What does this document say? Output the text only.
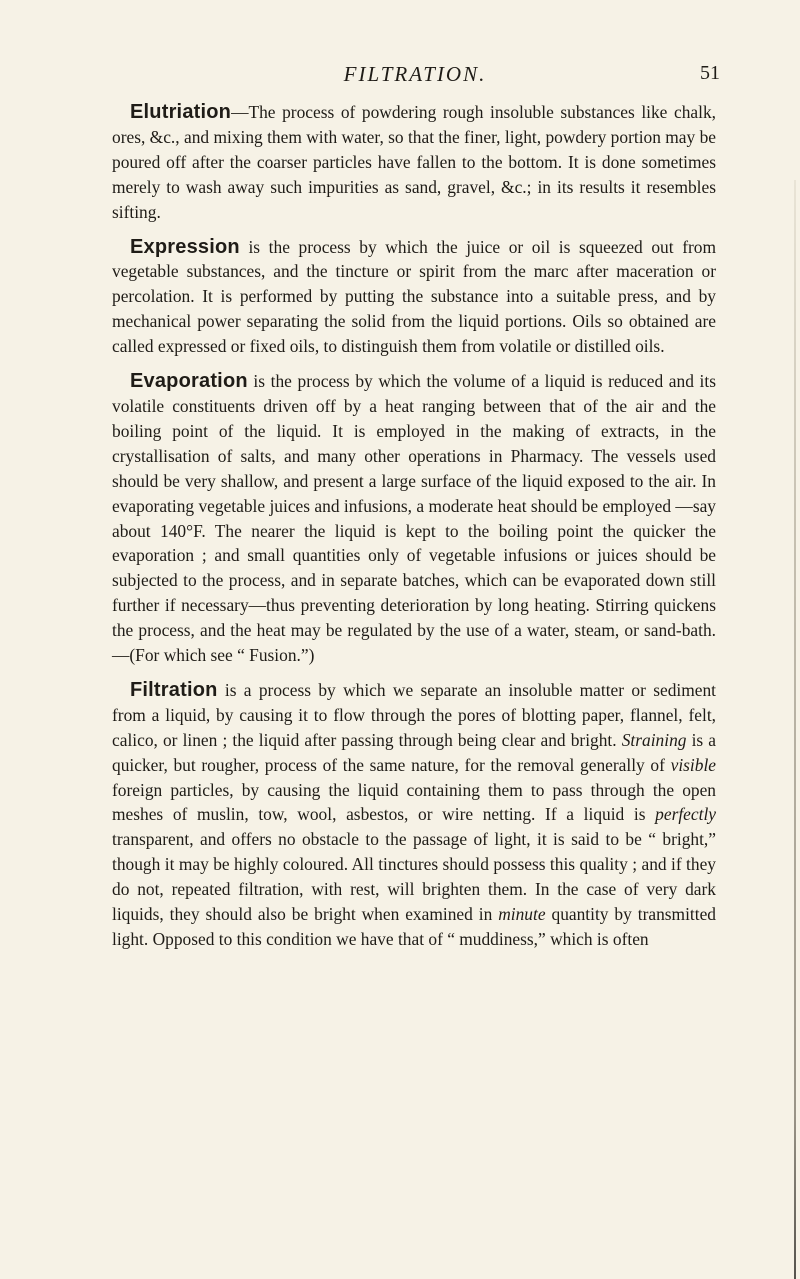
FILTRATION.	51

Elutriation—The process of powdering rough insoluble substances like chalk, ores, &c., and mixing them with water, so that the finer, light, powdery portion may be poured off after the coarser particles have fallen to the bottom. It is done sometimes merely to wash away such impurities as sand, gravel, &c.; in its results it resembles sifting.

Expression is the process by which the juice or oil is squeezed out from vegetable substances, and the tincture or spirit from the marc after maceration or percolation. It is performed by putting the substance into a suitable press, and by mechanical power separating the solid from the liquid portions. Oils so obtained are called expressed or fixed oils, to distinguish them from volatile or distilled oils.

Evaporation is the process by which the volume of a liquid is reduced and its volatile constituents driven off by a heat ranging between that of the air and the boiling point of the liquid. It is employed in the making of extracts, in the crystallisation of salts, and many other operations in Pharmacy. The vessels used should be very shallow, and present a large surface of the liquid exposed to the air. In evaporating vegetable juices and infusions, a moderate heat should be employed —say about 140°F. The nearer the liquid is kept to the boiling point the quicker the evaporation ; and small quantities only of vegetable infusions or juices should be subjected to the process, and in separate batches, which can be evaporated down still further if necessary—thus preventing deterioration by long heating. Stirring quickens the process, and the heat may be regulated by the use of a water, steam, or sand-bath. —(For which see “ Fusion.”)

Filtration is a process by which we separate an insoluble matter or sediment from a liquid, by causing it to flow through the pores of blotting paper, flannel, felt, calico, or linen ; the liquid after passing through being clear and bright. Straining is a quicker, but rougher, process of the same nature, for the removal generally of visible foreign particles, by causing the liquid containing them to pass through the open meshes of muslin, tow, wool, asbestos, or wire netting. If a liquid is perfectly transparent, and offers no obstacle to the passage of light, it is said to be “ bright,” though it may be highly coloured. All tinctures should possess this quality ; and if they do not, repeated filtration, with rest, will brighten them. In the case of very dark liquids, they should also be bright when examined in minute quantity by transmitted light. Opposed to this condition we have that of “ muddiness,” which is often
